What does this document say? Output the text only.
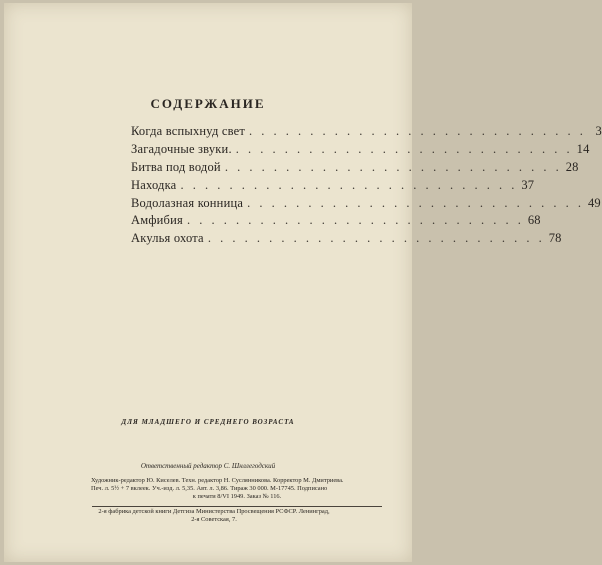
СОДЕРЖАНИЕ
Когда вспыхнуд свет . . . . . . . . . . . . . . . . . . . . . . . . . . . . 3
Загадочные звуки. . . . . . . . . . . . . . . . . . . . . . . . . . . . . 14
Битва под водой . . . . . . . . . . . . . . . . . . . . . . . . . . . . 28
Находка . . . . . . . . . . . . . . . . . . . . . . . . . . . . 37
Водолазная конница . . . . . . . . . . . . . . . . . . . . . . . . . . . . 49
Амфибия . . . . . . . . . . . . . . . . . . . . . . . . . . . . 68
Акулья охота . . . . . . . . . . . . . . . . . . . . . . . . . . . . 78
ДЛЯ МЛАДШЕГО И СРЕДНЕГО ВОЗРАСТА
Ответственный редактор С. Шнллегодский
Художник-редактор Ю. Киселев. Техн. редактор Н. Суслянникова. Корректор М. Дмитриева.
Печ. л. 5½ + 7 вклеек. Уч.-изд. л. 5,35. Авт. л. 3,86. Тираж 30 000. М-17745. Подписано
к печати 8/VI 1949. Заказ № 116.
2-я фабрика детской книги Детгиза Министерства Просвещения РСФСР. Ленинград,
2-я Советская, 7.
